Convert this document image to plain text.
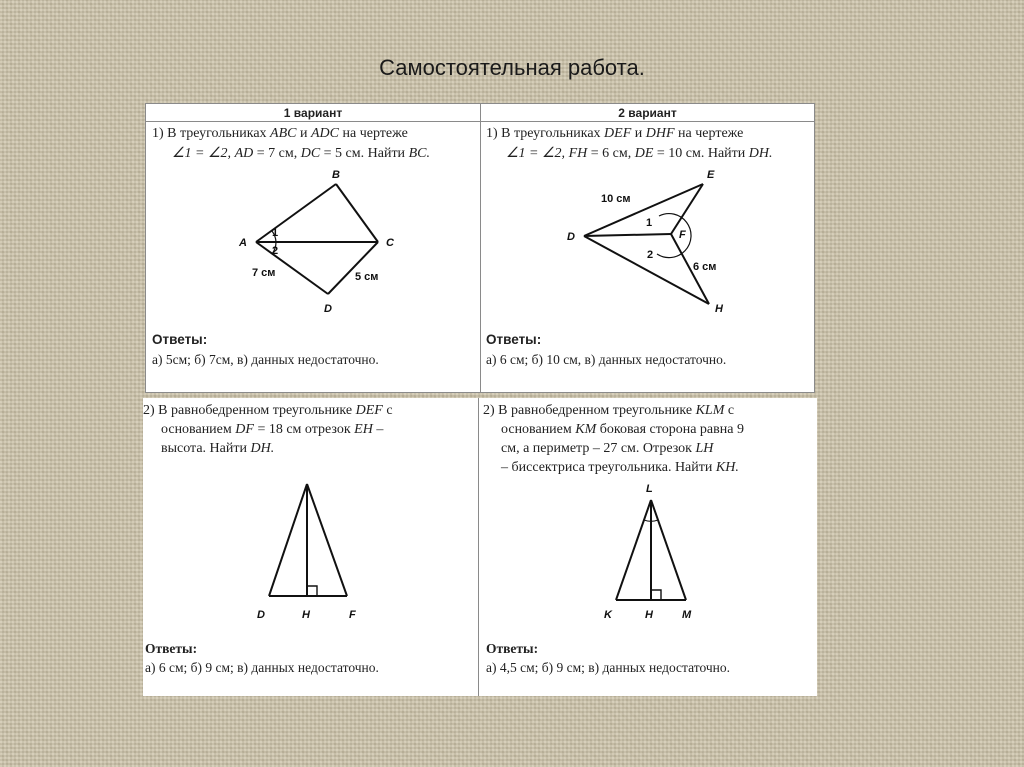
Самостоятельная работа.
1 вариант	2 вариант
1) В треугольниках ABC и ADC на чертеже
∠1 = ∠2, AD = 7 см, DC = 5 см. Найти BC.
A
B
C
D
1
2
7 см	5 см
Ответы:
а) 5см; б) 7см, в) данных недостаточно.
1) В треугольниках DEF и DHF на чертеже
∠1 = ∠2, FH = 6 см, DE = 10 см. Найти DH.
D
E
F
H
1
2
10 см
6 см
Ответы:
а) 6 см; б) 10 см, в) данных недостаточно.
2) В равнобедренном треугольнике DEF с
основанием DF = 18 см отрезок EH –
высота. Найти DH.
D	H	F
Ответы:
а) 6 см; б) 9 см; в) данных недостаточно.
2) В равнобедренном треугольнике KLM с
основанием KM боковая сторона равна 9
см, а периметр – 27 см. Отрезок LH
– биссектриса треугольника. Найти KH.
L
K	H	M
Ответы:
а) 4,5 см; б) 9 см; в) данных недостаточно.
